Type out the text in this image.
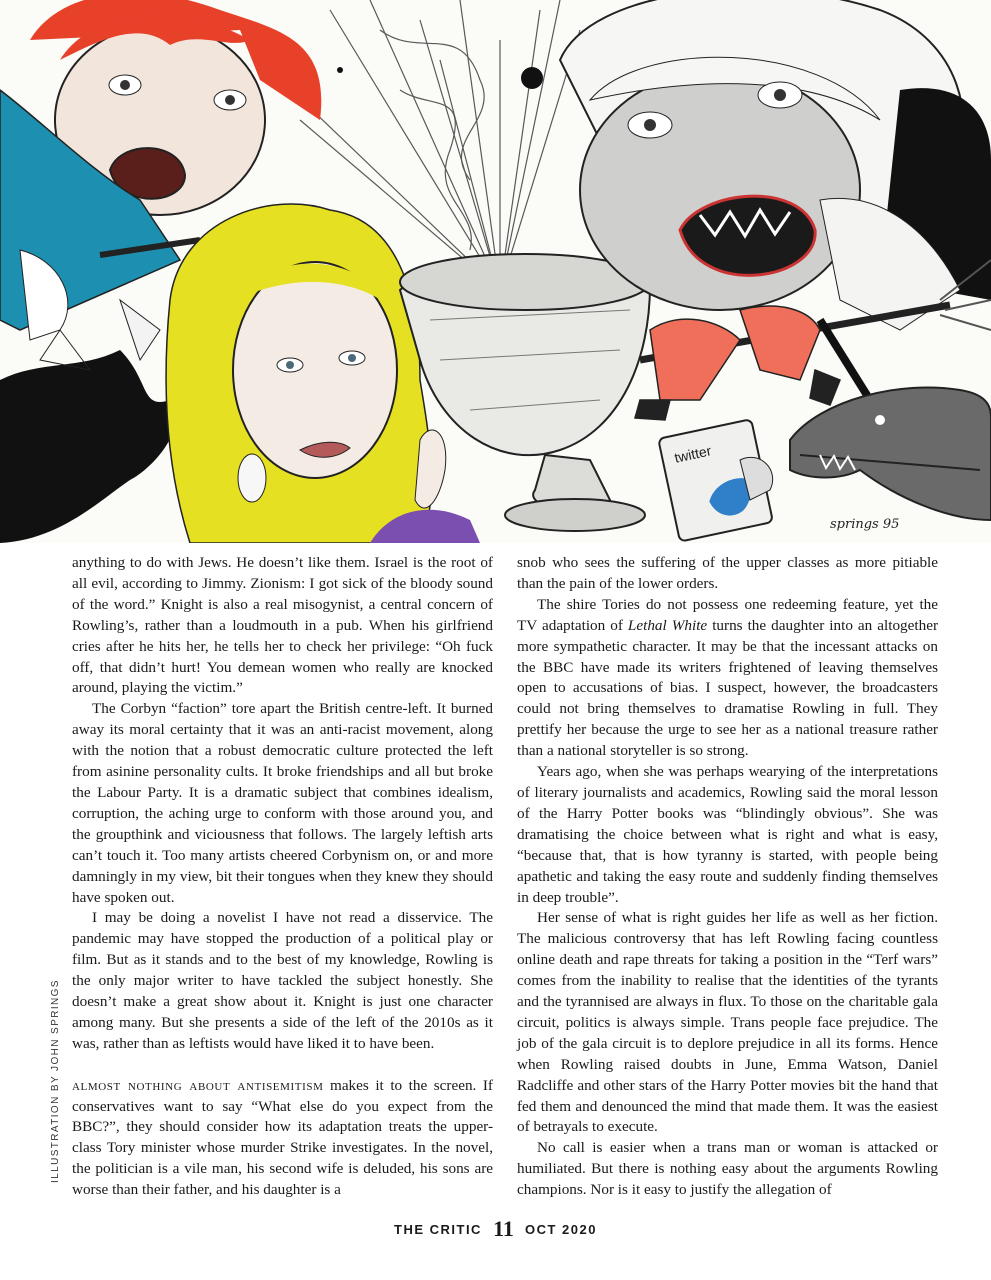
twitter
springs 95

anything to do with Jews. He doesn’t like them. Israel is the root of all evil, according to Jimmy. Zionism: I got sick of the bloody sound of the word.” Knight is also a real misogynist, a central concern of Rowling’s, rather than a loudmouth in a pub. When his girlfriend cries after he hits her, he tells her to check her privilege: “Oh fuck off, that didn’t hurt! You demean women who really are knocked around, playing the victim.”

The Corbyn “faction” tore apart the British centre-left. It burned away its moral certainty that it was an anti-racist movement, along with the notion that a robust democratic culture protected the left from asinine personality cults. It broke friendships and all but broke the Labour Party. It is a dramatic subject that combines idealism, corruption, the aching urge to conform with those around you, and the groupthink and viciousness that follows. The largely leftish arts can’t touch it. Too many artists cheered Corbynism on, or and more damningly in my view, bit their tongues when they knew they should have spoken out.

I may be doing a novelist I have not read a disservice. The pandemic may have stopped the production of a political play or film. But as it stands and to the best of my knowledge, Rowling is the only major writer to have tackled the subject honestly. She doesn’t make a great show about it. Knight is just one character among many. But she presents a side of the left of the 2010s as it was, rather than as leftists would have liked it to have been.

almost nothing about antisemitism makes it to the screen. If conservatives want to say “What else do you expect from the BBC?”, they should consider how its adaptation treats the upper-class Tory minister whose murder Strike investigates. In the novel, the politician is a vile man, his second wife is deluded, his sons are worse than their father, and his daughter is a

snob who sees the suffering of the upper classes as more pitiable than the pain of the lower orders.

The shire Tories do not possess one redeeming feature, yet the TV adaptation of Lethal White turns the daughter into an altogether more sympathetic character. It may be that the incessant attacks on the BBC have made its writers frightened of leaving themselves open to accusations of bias. I suspect, however, the broadcasters could not bring themselves to dramatise Rowling in full. They prettify her because the urge to see her as a national treasure rather than a national storyteller is so strong.

Years ago, when she was perhaps wearying of the interpretations of literary journalists and academics, Rowling said the moral lesson of the Harry Potter books was “blindingly obvious”. She was dramatising the choice between what is right and what is easy, “because that, that is how tyranny is started, with people being apathetic and taking the easy route and suddenly finding themselves in deep trouble”.

Her sense of what is right guides her life as well as her fiction. The malicious controversy that has left Rowling facing countless online death and rape threats for taking a position in the “Terf wars” comes from the inability to realise that the identities of the tyrants and the tyrannised are always in flux. To those on the charitable gala circuit, politics is always simple. Trans people face prejudice. The job of the gala circuit is to deplore prejudice in all its forms. Hence when Rowling raised doubts in June, Emma Watson, Daniel Radcliffe and other stars of the Harry Potter movies bit the hand that fed them and denounced the mind that made them. It was the easiest of betrayals to execute.

No call is easier when a trans man or woman is attacked or humiliated. But there is nothing easy about the arguments Rowling champions. Nor is it easy to justify the allegation of

ILLUSTRATION BY JOHN SPRINGS
THE CRITIC 11 OCT 2020
